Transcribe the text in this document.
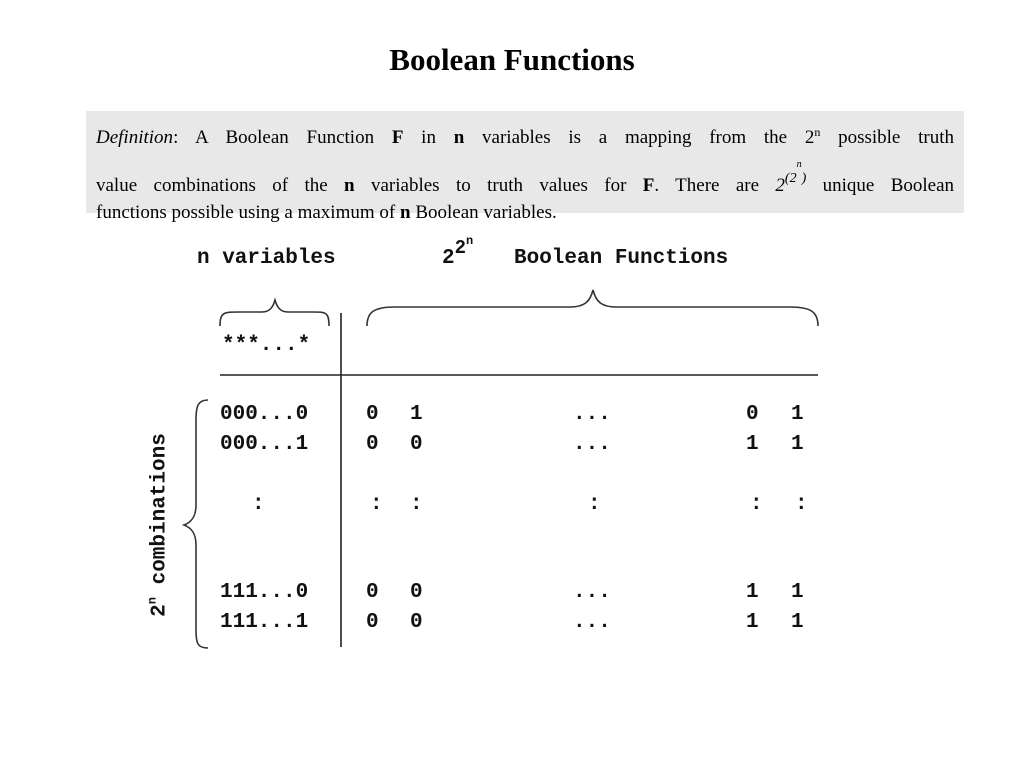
Boolean Functions
Definition: A Boolean Function F in n variables is a mapping from the 2$^n$ possible truth
value combinations of the n variables to truth values for F. There are $2^{(2^n)}$ unique Boolean
functions possible using a maximum of n Boolean variables.
n variables	22$^n$
Boolean Functions
***...*
2$^n$ combinations
000...0	0 1	...	0 1
000...1	0 0	...	1 1
:	: :	:	: :
111...0	0 0	...	1 1
111...1	0 0	...	1 1
